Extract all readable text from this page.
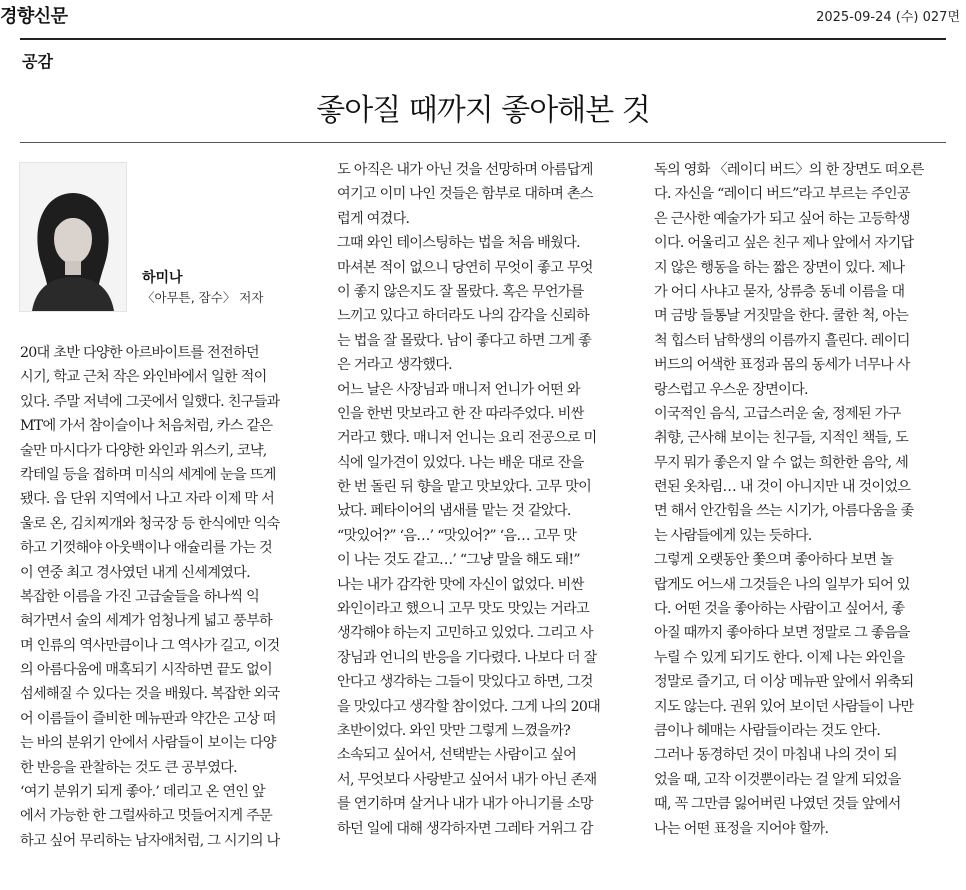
경향신문	2025-09-24 (수) 027면
공감
좋아질 때까지 좋아해본 것
하미나
〈아무튼, 잠수〉 저자
20대 초반 다양한 아르바이트를 전전하던
시기, 학교 근처 작은 와인바에서 일한 적이
있다. 주말 저녁에 그곳에서 일했다. 친구들과
MT에 가서 참이슬이나 처음처럼, 카스 같은
술만 마시다가 다양한 와인과 위스키, 코냑,
칵테일 등을 접하며 미식의 세계에 눈을 뜨게
됐다. 읍 단위 지역에서 나고 자라 이제 막 서
울로 온, 김치찌개와 청국장 등 한식에만 익숙
하고 기껏해야 아웃백이나 애슐리를 가는 것
이 연중 최고 경사였던 내게 신세계였다.
복잡한 이름을 가진 고급술들을 하나씩 익
혀가면서 술의 세계가 엄청나게 넓고 풍부하
며 인류의 역사만큼이나 그 역사가 길고, 이것
의 아름다움에 매혹되기 시작하면 끝도 없이
섬세해질 수 있다는 것을 배웠다. 복잡한 외국
어 이름들이 즐비한 메뉴판과 약간은 고상 떠
는 바의 분위기 안에서 사람들이 보이는 다양
한 반응을 관찰하는 것도 큰 공부였다.
‘여기 분위기 되게 좋아.’ 데리고 온 연인 앞
에서 가능한 한 그럴싸하고 멋들어지게 주문
하고 싶어 무리하는 남자애처럼, 그 시기의 나
도 아직은 내가 아닌 것을 선망하며 아름답게
여기고 이미 나인 것들은 함부로 대하며 촌스
럽게 여겼다.
그때 와인 테이스팅하는 법을 처음 배웠다.
마셔본 적이 없으니 당연히 무엇이 좋고 무엇
이 좋지 않은지도 잘 몰랐다. 혹은 무언가를
느끼고 있다고 하더라도 나의 감각을 신뢰하
는 법을 잘 몰랐다. 남이 좋다고 하면 그게 좋
은 거라고 생각했다.
어느 날은 사장님과 매니저 언니가 어떤 와
인을 한번 맛보라고 한 잔 따라주었다. 비싼
거라고 했다. 매니저 언니는 요리 전공으로 미
식에 일가견이 있었다. 나는 배운 대로 잔을
한 번 돌린 뒤 향을 맡고 맛보았다. 고무 맛이
났다. 페타이어의 냄새를 맡는 것 같았다.
“맛있어?” ‘음…’ “맛있어?” ‘음… 고무 맛
이 나는 것도 같고…’ “그냥 말을 해도 돼!”
나는 내가 감각한 맛에 자신이 없었다. 비싼
와인이라고 했으니 고무 맛도 맛있는 거라고
생각해야 하는지 고민하고 있었다. 그리고 사
장님과 언니의 반응을 기다렸다. 나보다 더 잘
안다고 생각하는 그들이 맛있다고 하면, 그것
을 맛있다고 생각할 참이었다. 그게 나의 20대
초반이었다. 와인 맛만 그렇게 느꼈을까?
소속되고 싶어서, 선택받는 사람이고 싶어
서, 무엇보다 사랑받고 싶어서 내가 아닌 존재
를 연기하며 살거나 내가 내가 아니기를 소망
하던 일에 대해 생각하자면 그레타 거위그 감
독의 영화 〈레이디 버드〉의 한 장면도 떠오른
다. 자신을 “레이디 버드”라고 부르는 주인공
은 근사한 예술가가 되고 싶어 하는 고등학생
이다. 어울리고 싶은 친구 제나 앞에서 자기답
지 않은 행동을 하는 짧은 장면이 있다. 제나
가 어디 사냐고 묻자, 상류층 동네 이름을 대
며 금방 들통날 거짓말을 한다. 쿨한 척, 아는
척 힙스터 남학생의 이름까지 흘린다. 레이디
버드의 어색한 표정과 몸의 동세가 너무나 사
랑스럽고 우스운 장면이다.
이국적인 음식, 고급스러운 술, 정제된 가구
취향, 근사해 보이는 친구들, 지적인 책들, 도
무지 뭐가 좋은지 알 수 없는 희한한 음악, 세
련된 옷차림… 내 것이 아니지만 내 것이었으
면 해서 안간힘을 쓰는 시기가, 아름다움을 좇
는 사람들에게 있는 듯하다.
그렇게 오랫동안 쫓으며 좋아하다 보면 놀
랍게도 어느새 그것들은 나의 일부가 되어 있
다. 어떤 것을 좋아하는 사람이고 싶어서, 좋
아질 때까지 좋아하다 보면 정말로 그 좋음을
누릴 수 있게 되기도 한다. 이제 나는 와인을
정말로 즐기고, 더 이상 메뉴판 앞에서 위축되
지도 않는다. 권위 있어 보이던 사람들이 나만
큼이나 헤매는 사람들이라는 것도 안다.
그러나 동경하던 것이 마침내 나의 것이 되
었을 때, 고작 이것뿐이라는 걸 알게 되었을
때, 꼭 그만큼 잃어버린 나였던 것들 앞에서
나는 어떤 표정을 지어야 할까.
